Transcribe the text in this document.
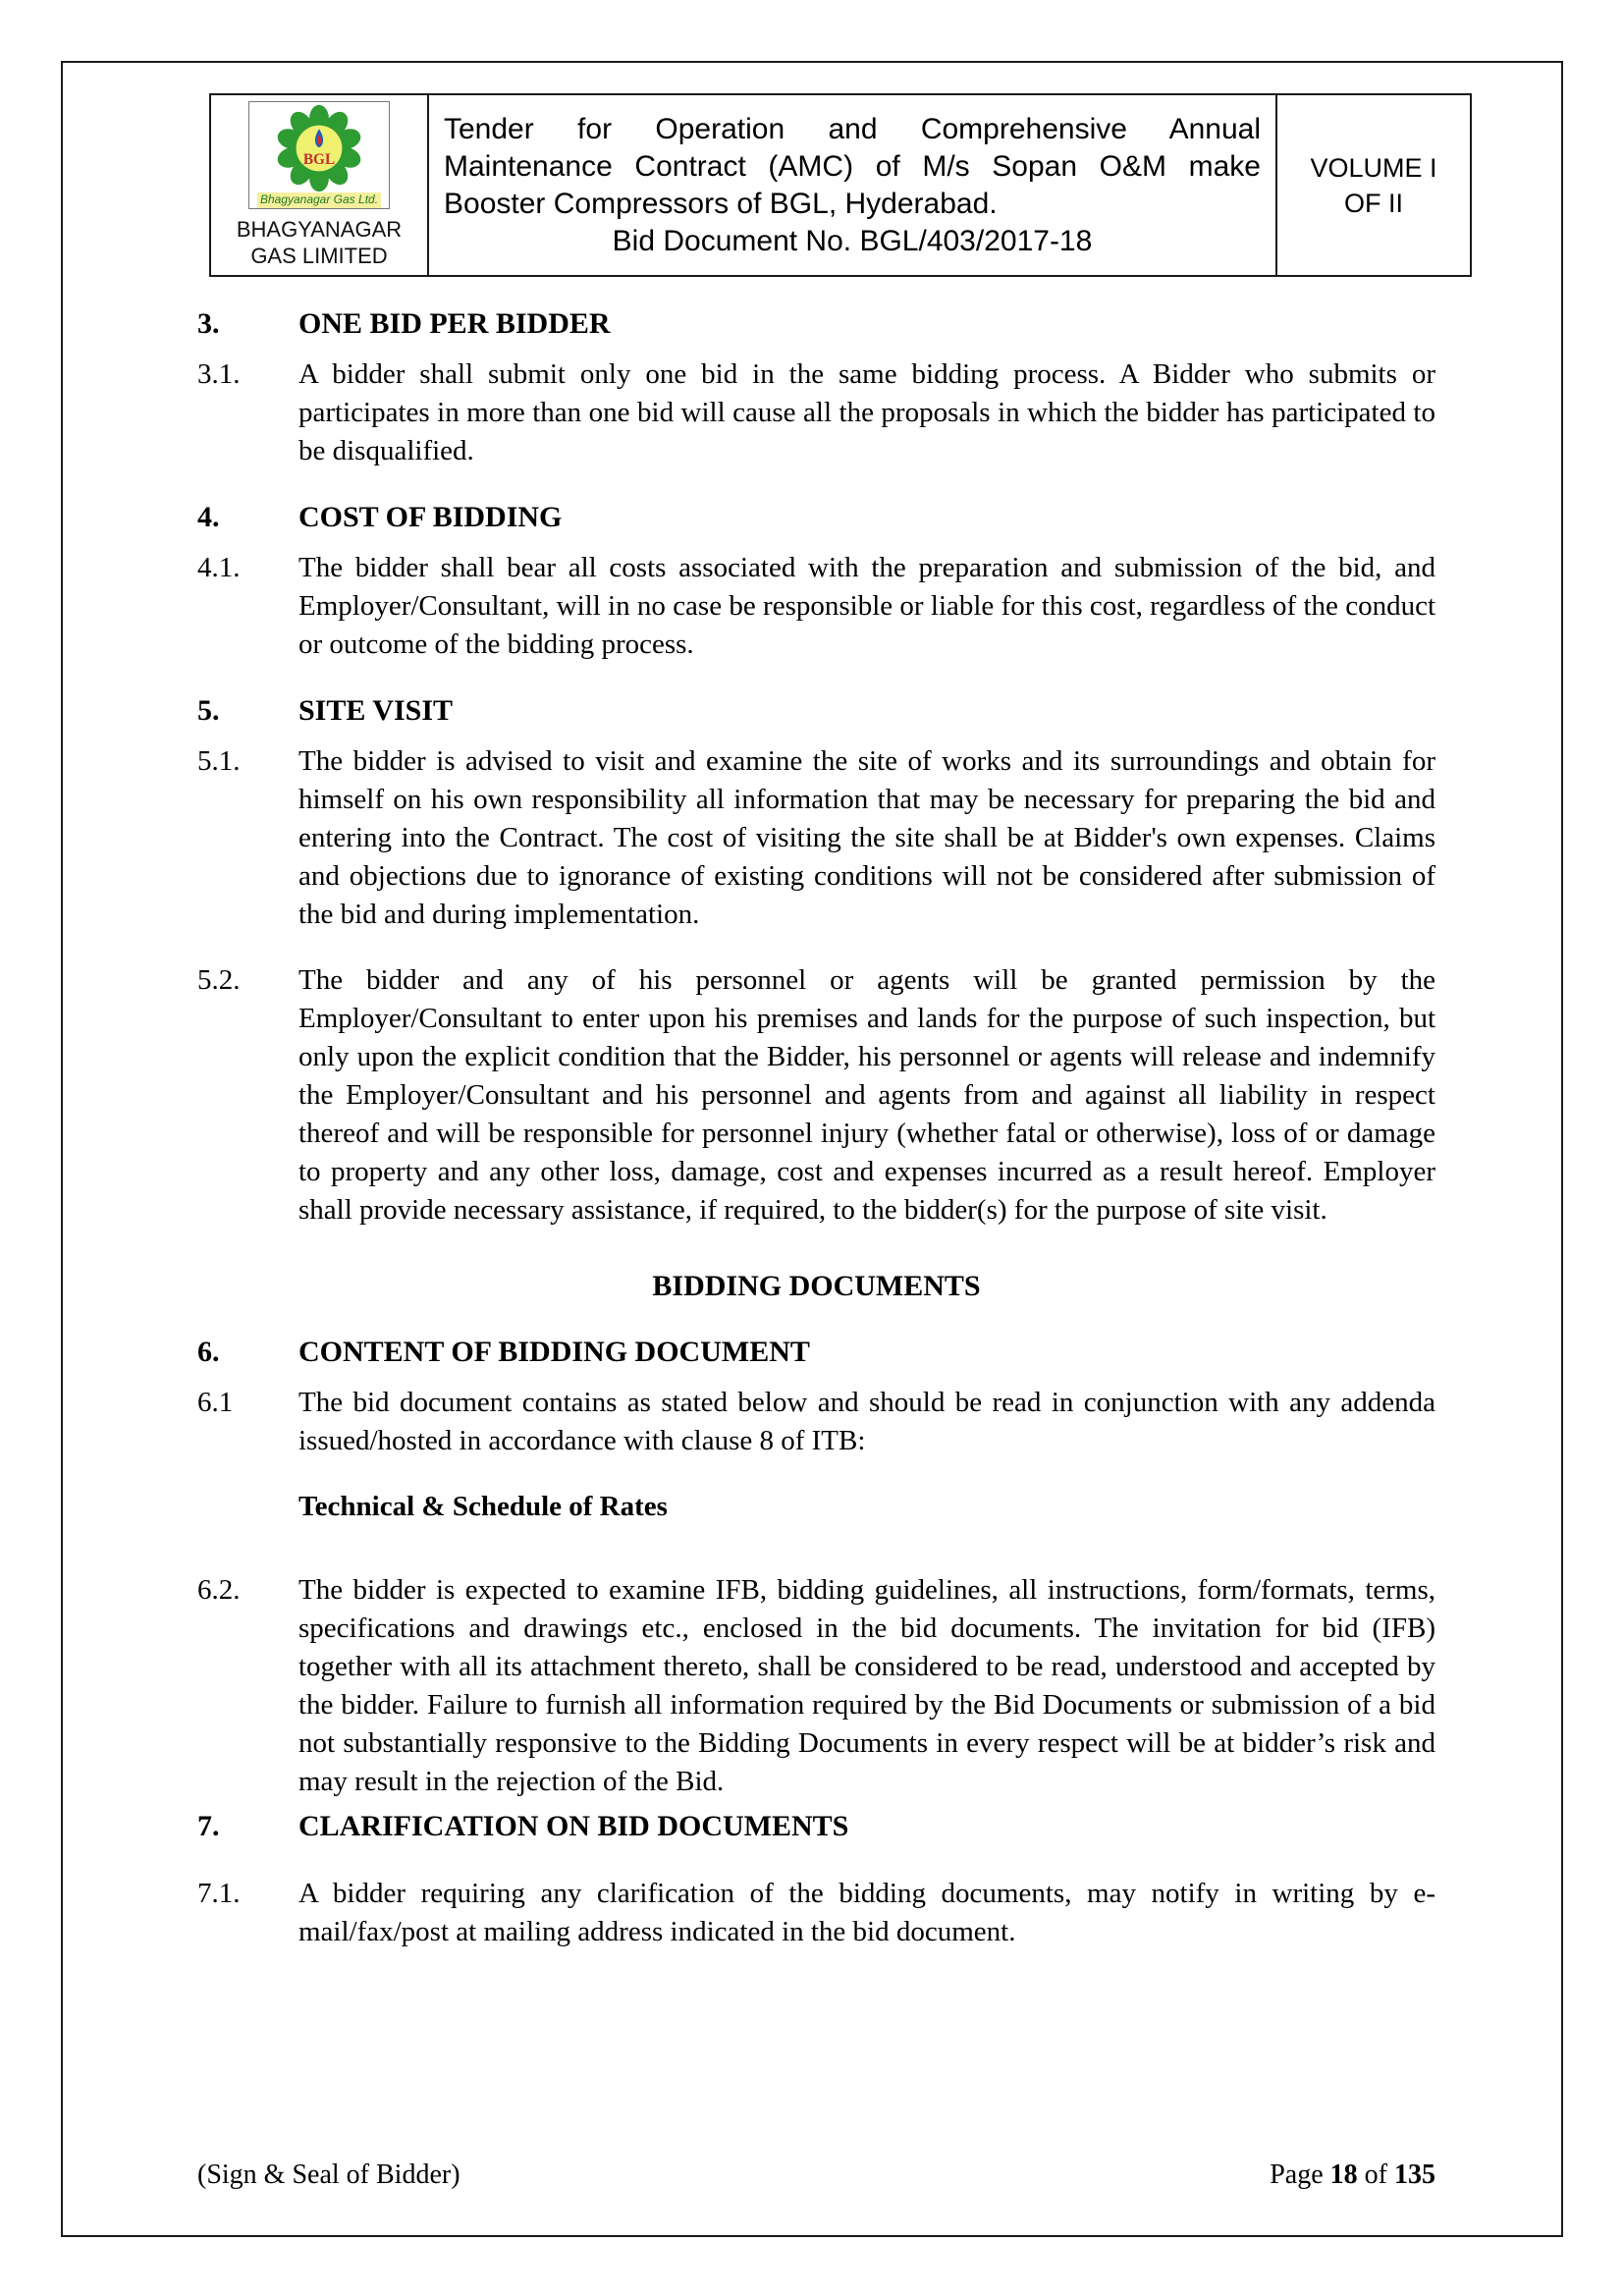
BGL
Bhagyanagar Gas Ltd.
BHAGYANAGAR GAS LIMITED
Tender for Operation and Comprehensive Annual Maintenance Contract (AMC) of M/s Sopan O&M make Booster Compressors of BGL, Hyderabad.
Bid Document No. BGL/403/2017-18
VOLUME I
OF II
3.	ONE BID PER BIDDER
3.1.	A bidder shall submit only one bid in the same bidding process. A Bidder who submits or participates in more than one bid will cause all the proposals in which the bidder has participated to be disqualified.
4.	COST OF BIDDING
4.1.	The bidder shall bear all costs associated with the preparation and submission of the bid, and Employer/Consultant, will in no case be responsible or liable for this cost, regardless of the conduct or outcome of the bidding process.
5.	SITE VISIT
5.1.	The bidder is advised to visit and examine the site of works and its surroundings and obtain for himself on his own responsibility all information that may be necessary for preparing the bid and entering into the Contract. The cost of visiting the site shall be at Bidder's own expenses. Claims and objections due to ignorance of existing conditions will not be considered after submission of the bid and during implementation.
5.2.	The bidder and any of his personnel or agents will be granted permission by the Employer/Consultant to enter upon his premises and lands for the purpose of such inspection, but only upon the explicit condition that the Bidder, his personnel or agents will release and indemnify the Employer/Consultant and his personnel and agents from and against all liability in respect thereof and will be responsible for personnel injury (whether fatal or otherwise), loss of or damage to property and any other loss, damage, cost and expenses incurred as a result hereof. Employer shall provide necessary assistance, if required, to the bidder(s) for the purpose of site visit.
BIDDING DOCUMENTS
6.	CONTENT OF BIDDING DOCUMENT
6.1	The bid document contains as stated below and should be read in conjunction with any addenda issued/hosted in accordance with clause 8 of ITB:
Technical & Schedule of Rates
6.2.	The bidder is expected to examine IFB, bidding guidelines, all instructions, form/formats, terms, specifications and drawings etc., enclosed in the bid documents. The invitation for bid (IFB) together with all its attachment thereto, shall be considered to be read, understood and accepted by the bidder. Failure to furnish all information required by the Bid Documents or submission of a bid not substantially responsive to the Bidding Documents in every respect will be at bidder’s risk and may result in the rejection of the Bid.
7.	CLARIFICATION ON BID DOCUMENTS
7.1.	A bidder requiring any clarification of the bidding documents, may notify in writing by e-mail/fax/post at mailing address indicated in the bid document.
(Sign & Seal of Bidder)	Page 18 of 135
